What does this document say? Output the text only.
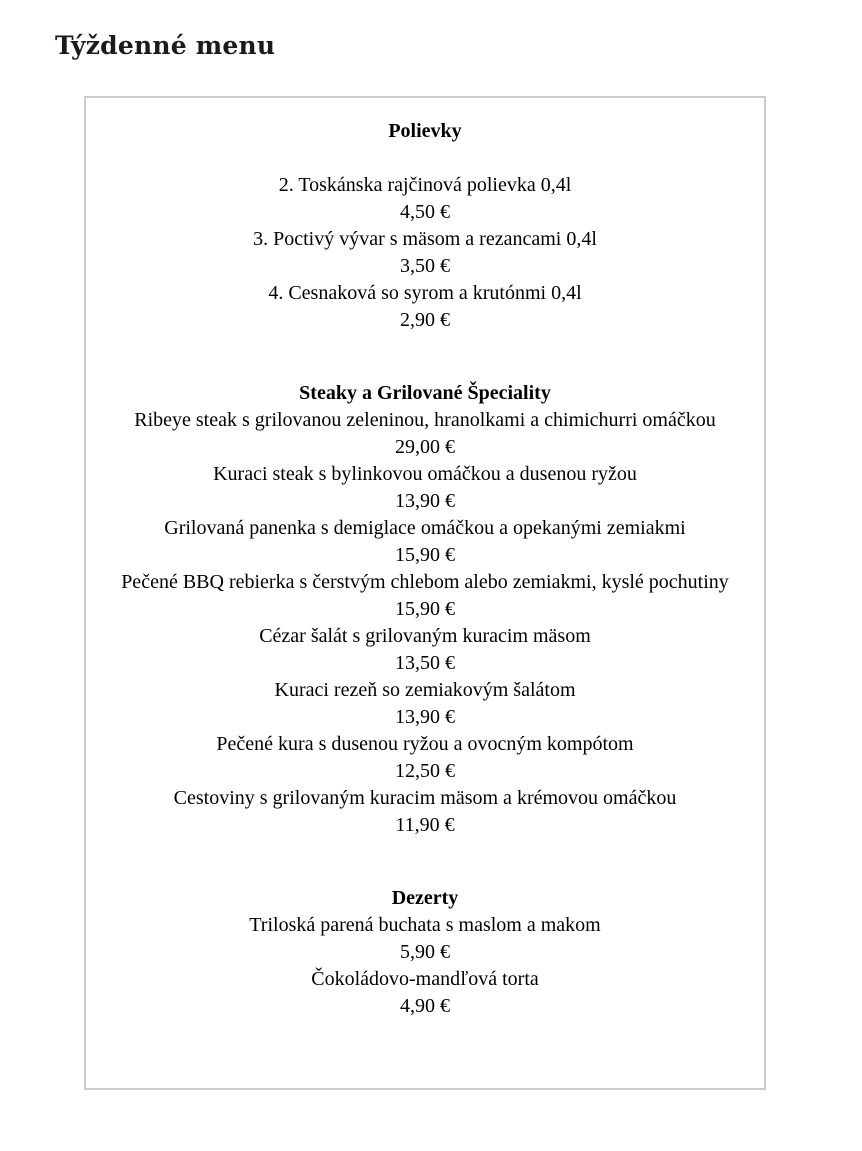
Týždenné menu
Polievky
2. Toskánska rajčinová polievka 0,4l
4,50 €
3. Poctivý vývar s mäsom a rezancami 0,4l
3,50 €
4. Cesnaková so syrom a krutónmi 0,4l
2,90 €
Steaky a Grilované Špeciality
Ribeye steak s grilovanou zeleninou, hranolkami a chimichurri omáčkou
29,00 €
Kuraci steak s bylinkovou omáčkou a dusenou ryžou
13,90 €
Grilovaná panenka s demiglace omáčkou a opekanými zemiakmi
15,90 €
Pečené BBQ rebierka s čerstvým chlebom alebo zemiakmi, kyslé pochutiny
15,90 €
Cézar šalát s grilovaným kuracim mäsom
13,50 €
Kuraci rezeň so zemiakovým šalátom
13,90 €
Pečené kura s dusenou ryžou a ovocným kompótom
12,50 €
Cestoviny s grilovaným kuracim mäsom a krémovou omáčkou
11,90 €
Dezerty
Triloská parená buchata s maslom a makom
5,90 €
Čokoládovo-mandľová torta
4,90 €
